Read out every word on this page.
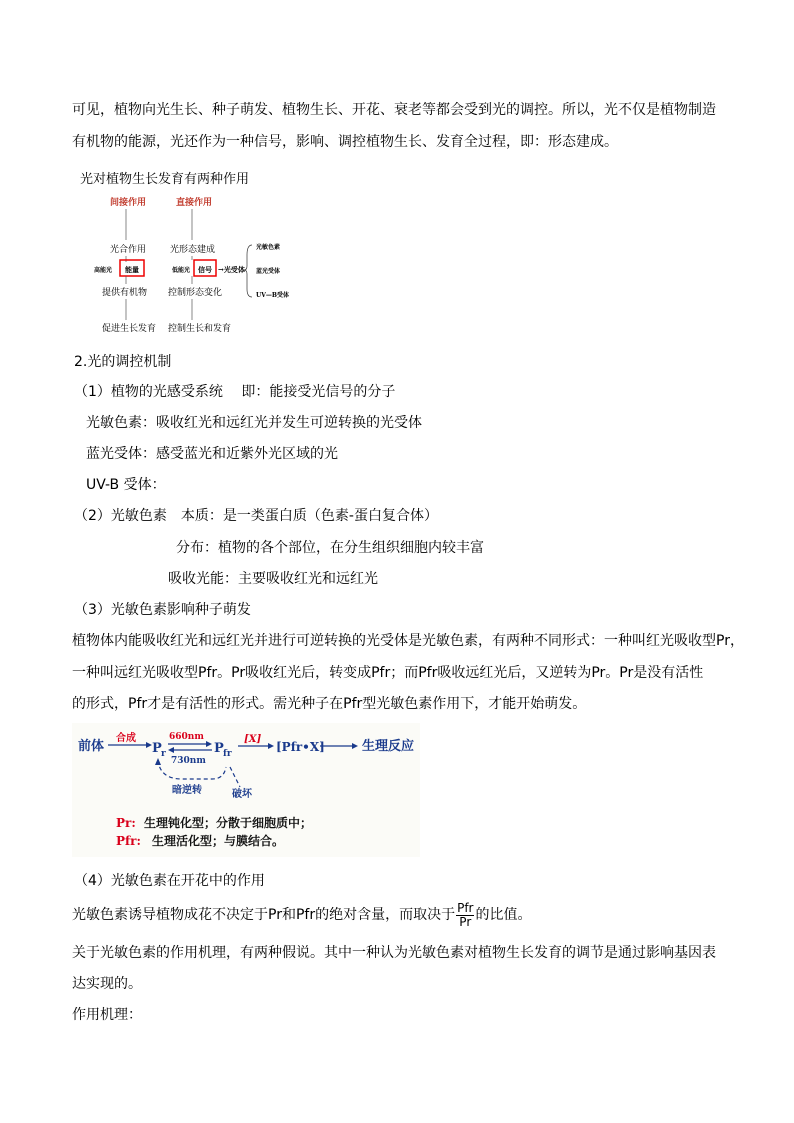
可见，植物向光生长、种子萌发、植物生长、开花、衰老等都会受到光的调控。所以，光不仅是植物制造
有机物的能源，光还作为一种信号，影响、调控植物生长、发育全过程，即：形态建成。
光对植物生长发育有两种作用
间接作用	直接作用
光合作用	光形态建成
高能光 能量	低能光 信号 →光受体
光敏色素
蓝光受体
UV—B受体
提供有机物 控制形态变化
促进生长发育 控制生长和发育
2.光的调控机制
（1）植物的光感受系统　 即：能接受光信号的分子
光敏色素：吸收红光和远红光并发生可逆转换的光受体
蓝光受体：感受蓝光和近紫外光区域的光
UV-B 受体：
（2）光敏色素　本质：是一类蛋白质（色素-蛋白复合体）
分布：植物的各个部位，在分生组织细胞内较丰富
吸收光能：主要吸收红光和远红光
（3）光敏色素影响种子萌发
植物体内能吸收红光和远红光并进行可逆转换的光受体是光敏色素，有两种不同形式：一种叫红光吸收型Pr，
一种叫远红光吸收型Pfr。Pr吸收红光后，转变成Pfr；而Pfr吸收远红光后，又逆转为Pr。Pr是没有活性
的形式，Pfr才是有活性的形式。需光种子在Pfr型光敏色素作用下，才能开始萌发。
前体
合成
P r
660nm
730nm
P fr
[X]
[Pfr•X]	生理反应
暗逆转	破坏
Pr: 生理钝化型；分散于细胞质中；
Pfr: 生理活化型；与膜结合。
（4）光敏色素在开花中的作用
光敏色素诱导植物成花不决定于Pr和Pfr的绝对含量，而取决于 $\frac{\text{Pfr}}{Pr}$ 的比值。
关于光敏色素的作用机理，有两种假说。其中一种认为光敏色素对植物生长发育的调节是通过影响基因表
达实现的。
作用机理：
